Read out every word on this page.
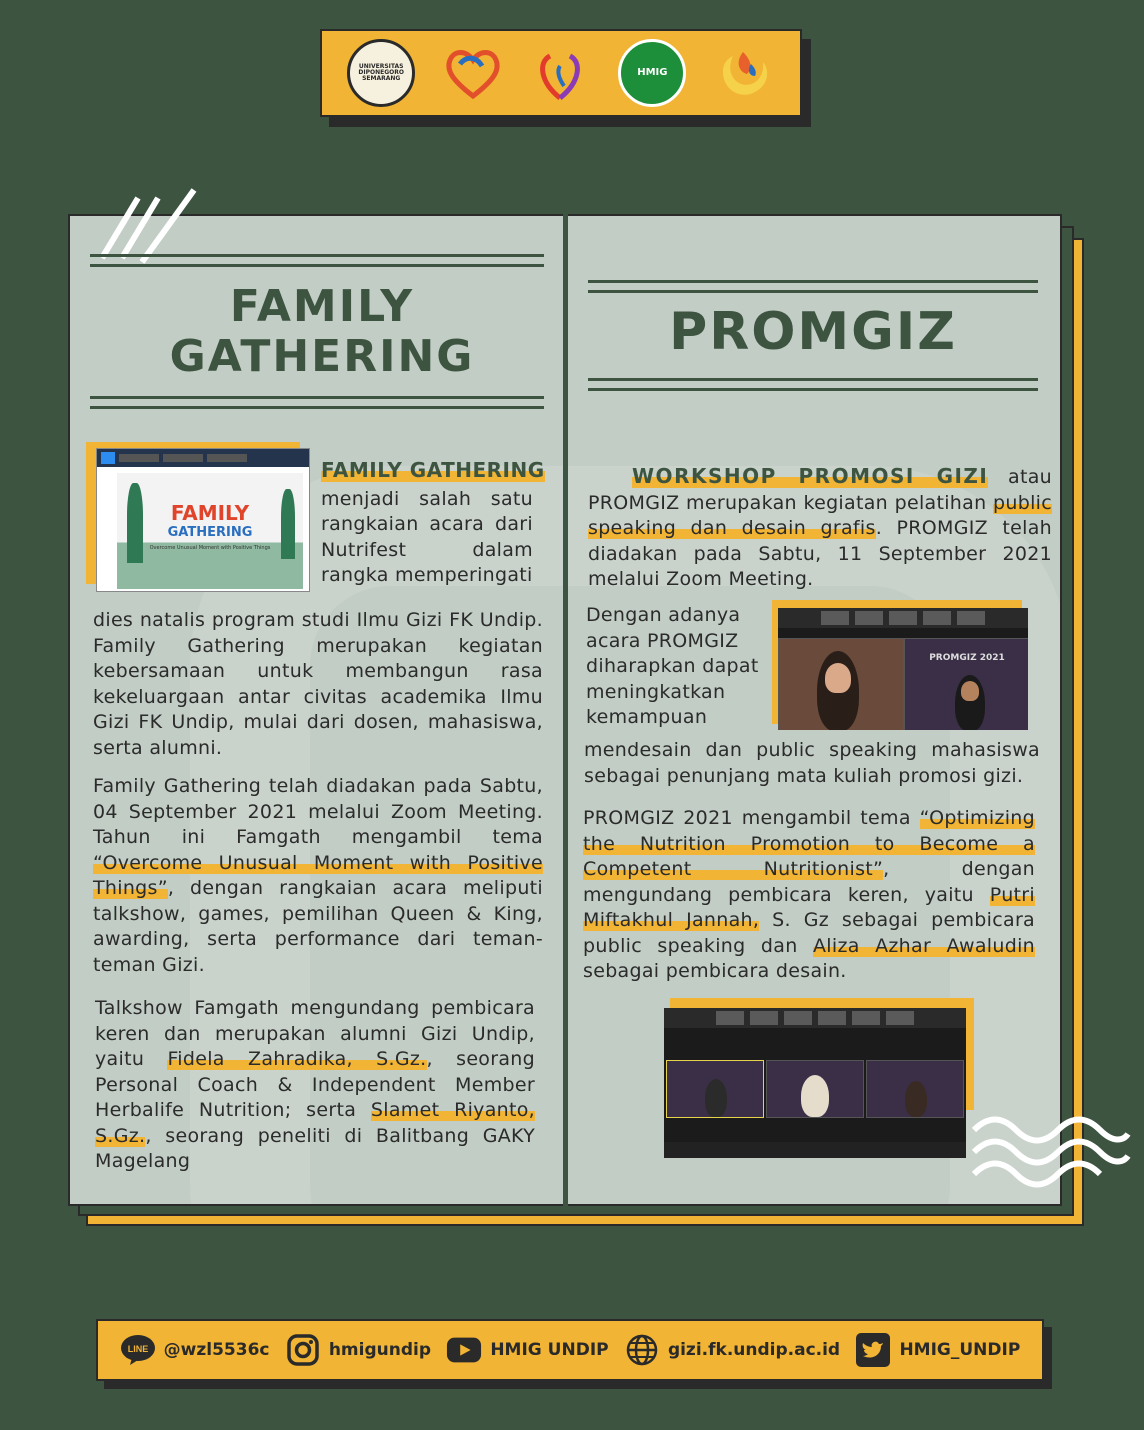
UNIVERSITAS DIPONEGORO SEMARANG
HMIG
FAMILY
GATHERING
FAMILY
GATHERING
Overcome Unusual Moment with Positive Things
FAMILY GATHERING
menjadi salah satu rangkaian acara dari Nutrifest dalam rangka memperingati
dies natalis program studi Ilmu Gizi FK Undip. Family Gathering merupakan kegiatan kebersamaan untuk membangun rasa kekeluargaan antar civitas academika Ilmu Gizi FK Undip, mulai dari dosen, mahasiswa, serta alumni.
Family Gathering telah diadakan pada Sabtu, 04 September 2021 melalui Zoom Meeting. Tahun ini Famgath mengambil tema “Overcome Unusual Moment with Positive Things”, dengan rangkaian acara meliputi talkshow, games, pemilihan Queen & King, awarding, serta performance dari teman-teman Gizi.
Talkshow Famgath mengundang pembicara keren dan merupakan alumni Gizi Undip, yaitu Fidela Zahradika, S.Gz., seorang Personal Coach & Independent Member Herbalife Nutrition; serta Slamet Riyanto, S.Gz., seorang peneliti di Balitbang GAKY Magelang
PROMGIZ
WORKSHOP PROMOSI GIZI atau PROMGIZ merupakan kegiatan pelatihan public speaking dan desain grafis. PROMGIZ telah diadakan pada Sabtu, 11 September 2021 melalui Zoom Meeting.
Dengan adanya acara PROMGIZ diharapkan dapat meningkatkan kemampuan
PROMGIZ 2021
mendesain dan public speaking mahasiswa sebagai penunjang mata kuliah promosi gizi.
PROMGIZ 2021 mengambil tema “Optimizing the Nutrition Promotion to Become a Competent Nutritionist”, dengan mengundang pembicara keren, yaitu Putri Miftakhul Jannah, S. Gz sebagai pembicara public speaking dan Aliza Azhar Awaludin sebagai pembicara desain.
LINE @wzl5536c	hmigundip	HMIG UNDIP	gizi.fk.undip.ac.id	HMIG_UNDIP
